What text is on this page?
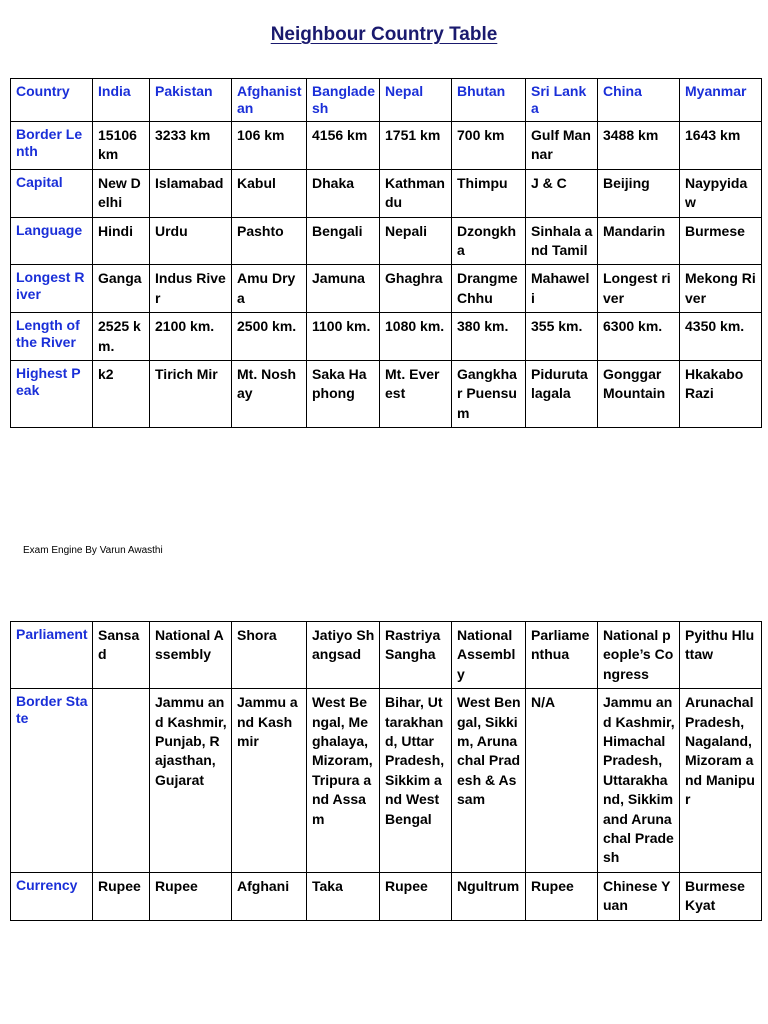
Neighbour Country Table
Country	India	Pakistan	Afghanistan	Bangladesh	Nepal	Bhutan	Sri Lanka	China	Myanmar
Border Lenth	15106 km	3233 km	106 km	4156 km	1751 km	700 km	Gulf Mannar	3488 km	1643 km
Capital	New Delhi	Islamabad	Kabul	Dhaka	Kathmandu	Thimpu	J & C	Beijing	Naypyidaw
Language	Hindi	Urdu	Pashto	Bengali	Nepali	Dzongkha	Sinhala and Tamil	Mandarin	Burmese
Longest River	Ganga	Indus River	Amu Drya	Jamuna	Ghaghra	Drangme Chhu	Mahaweli	Longest river	Mekong River
Length of the River	2525 km.	2100 km.	2500 km.	1100 km.	1080 km.	380 km.	355 km.	6300 km.	4350 km.
Highest Peak	k2	Tirich Mir	Mt. Noshay	Saka Haphong	Mt. Everest	Gangkhar Puensum	Piduruta lagala	Gonggar Mountain	Hkakabo Razi
Exam Engine By Varun Awasthi
Parliament	Sansad	National Assembly	Shora	Jatiyo Shangsad	Rastriya Sangha	National Assembly	Parliamenthua	National people’s Congress	Pyithu Hluttaw
Border State		Jammu and Kashmir, Punjab, Rajasthan, Gujarat	Jammu and Kashmir	West Bengal, Meghalaya, Mizoram, Tripura and Assam	Bihar, Uttarakhand, Uttar Pradesh, Sikkim and West Bengal	West Bengal, Sikkim, Arunachal Pradesh & Assam	N/A	Jammu and Kashmir, Himachal Pradesh, Uttarakhand, Sikkim and Arunachal Pradesh	Arunachal Pradesh, Nagaland, Mizoram and Manipur
Currency	Rupee	Rupee	Afghani	Taka	Rupee	Ngultrum	Rupee	Chinese Yuan	Burmese Kyat
